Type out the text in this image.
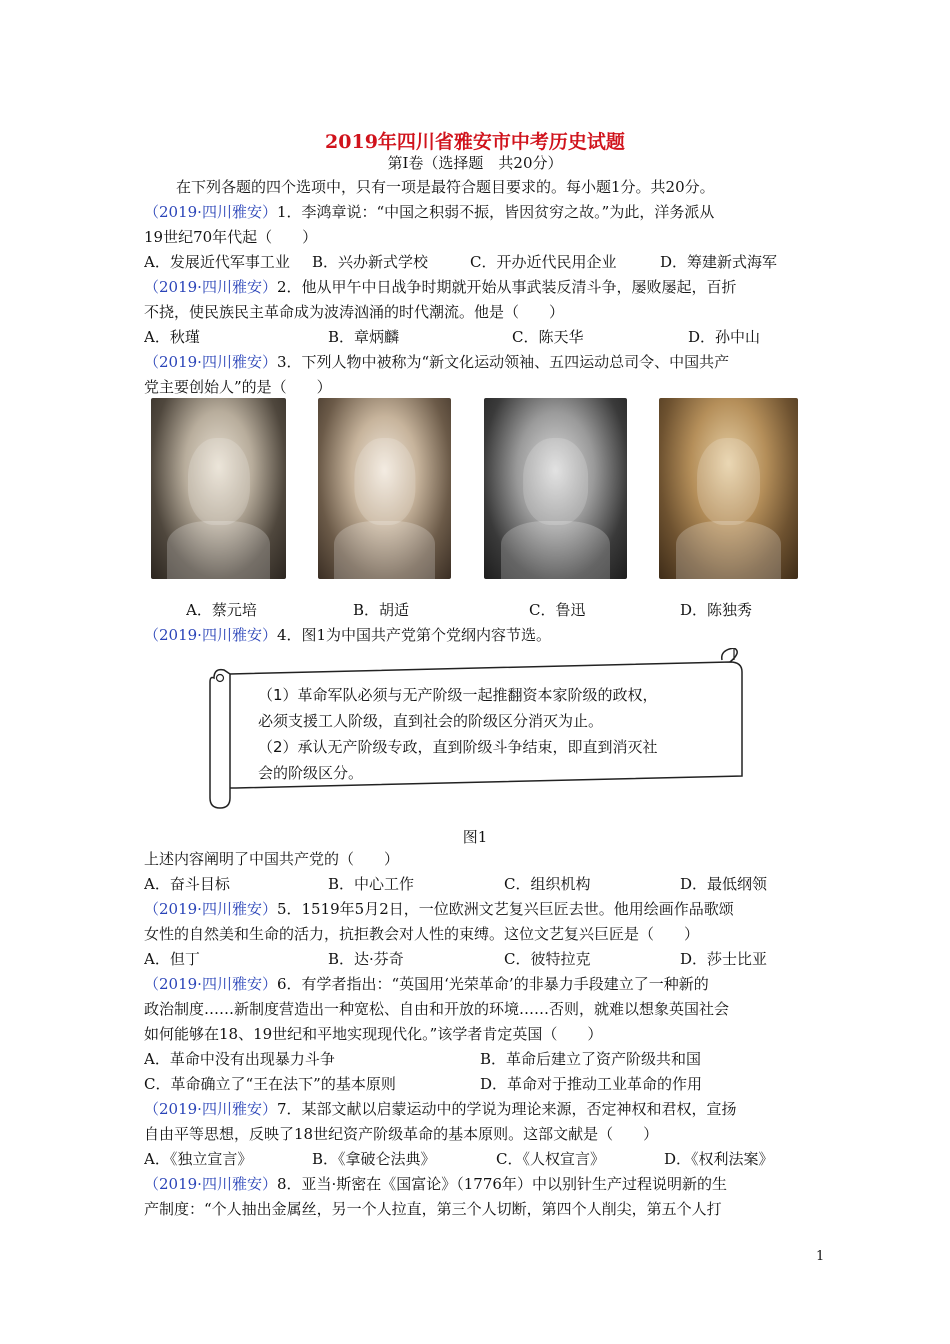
2019年四川省雅安市中考历史试题
第Ⅰ卷（选择题　共20分）
在下列各题的四个选项中，只有一项是最符合题目要求的。每小题1分。共20分。
（2019·四川雅安）1．李鸿章说：“中国之积弱不振，皆因贫穷之故。”为此，洋务派从
19世纪70年代起（　　）
A．发展近代军事工业	B．兴办新式学校	C．开办近代民用企业	D．筹建新式海军
（2019·四川雅安）2．他从甲午中日战争时期就开始从事武装反清斗争，屡败屡起，百折
不挠，使民族民主革命成为波涛汹涌的时代潮流。他是（　　）
A．秋瑾	B．章炳麟	C．陈天华	D．孙中山
（2019·四川雅安）3．下列人物中被称为“新文化运动领袖、五四运动总司令、中国共产
党主要创始人”的是（　　）
A．蔡元培	B．胡适	C．鲁迅	D．陈独秀
（2019·四川雅安）4．图1为中国共产党第个党纲内容节选。
（1）革命军队必须与无产阶级一起推翻资本家阶级的政权，
必须支援工人阶级，直到社会的阶级区分消灭为止。
（2）承认无产阶级专政，直到阶级斗争结束，即直到消灭社
会的阶级区分。
图1
上述内容阐明了中国共产党的（　　）
A．奋斗目标	B．中心工作	C．组织机构	D．最低纲领
（2019·四川雅安）5．1519年5月2日，一位欧洲文艺复兴巨匠去世。他用绘画作品歌颂
女性的自然美和生命的活力，抗拒教会对人性的束缚。这位文艺复兴巨匠是（　　）
A．但丁	B．达·芬奇	C．彼特拉克	D．莎士比亚
（2019·四川雅安）6．有学者指出：“英国用‘光荣革命’的非暴力手段建立了一种新的
政治制度……新制度营造出一种宽松、自由和开放的环境……否则，就难以想象英国社会
如何能够在18、19世纪和平地实现现代化。”该学者肯定英国（　　）
A．革命中没有出现暴力斗争	B．革命后建立了资产阶级共和国
C．革命确立了“王在法下”的基本原则	D．革命对于推动工业革命的作用
（2019·四川雅安）7．某部文献以启蒙运动中的学说为理论来源，否定神权和君权，宣扬
自由平等思想，反映了18世纪资产阶级革命的基本原则。这部文献是（　　）
A．《独立宣言》	B．《拿破仑法典》	C．《人权宣言》	D．《权利法案》
（2019·四川雅安）8．亚当·斯密在《国富论》（1776年）中以别针生产过程说明新的生
产制度：“个人抽出金属丝，另一个人拉直，第三个人切断，第四个人削尖，第五个人打
1
